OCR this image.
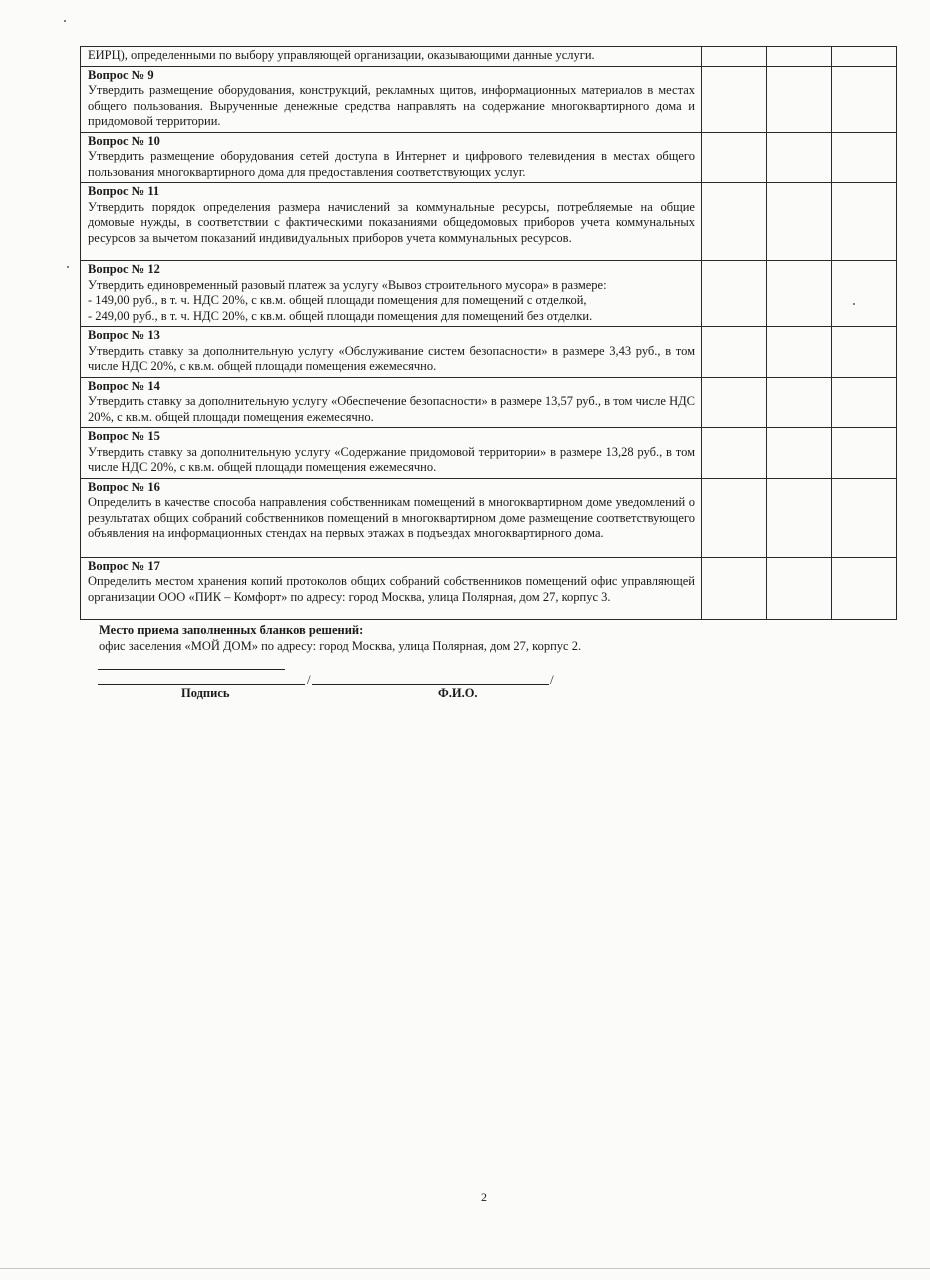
ЕИРЦ), определенными по выбору управляющей организации, оказывающими данные услуги.			

Вопрос № 9
Утвердить размещение оборудования, конструкций, рекламных щитов, информационных материалов в местах общего пользования. Вырученные денежные средства направлять на содержание многоквартирного дома и придомовой территории.			

Вопрос № 10
Утвердить размещение оборудования сетей доступа в Интернет и цифрового телевидения в местах общего пользования многоквартирного дома для предоставления соответствующих услуг.			

Вопрос № 11
Утвердить порядок определения размера начислений за коммунальные ресурсы, потребляемые на общие домовые нужды, в соответствии с фактическими показаниями общедомовых приборов учета коммунальных ресурсов за вычетом показаний индивидуальных приборов учета коммунальных ресурсов.			

Вопрос № 12
Утвердить единовременный разовый платеж за услугу «Вывоз строительного мусора» в размере:
- 149,00 руб., в т. ч. НДС 20%, с кв.м. общей площади помещения для помещений с отделкой,
- 249,00 руб., в т. ч. НДС 20%, с кв.м. общей площади помещения для помещений без отделки.			

Вопрос № 13
Утвердить ставку за дополнительную услугу «Обслуживание систем безопасности» в размере 3,43 руб., в том числе НДС 20%, с кв.м. общей площади помещения ежемесячно.			

Вопрос № 14
Утвердить ставку за дополнительную услугу «Обеспечение безопасности» в размере 13,57 руб., в том числе НДС 20%, с кв.м. общей площади помещения ежемесячно.			

Вопрос № 15
Утвердить ставку за дополнительную услугу «Содержание придомовой территории» в размере 13,28 руб., в том числе НДС 20%, с кв.м. общей площади помещения ежемесячно.			

Вопрос № 16
Определить в качестве способа направления собственникам помещений в многоквартирном доме уведомлений о результатах общих собраний собственников помещений в многоквартирном доме размещение соответствующего объявления на информационных стендах на первых этажах в подъездах многоквартирного дома.			

Вопрос № 17
Определить местом хранения копий протоколов общих собраний собственников помещений офис управляющей организации ООО «ПИК – Комфорт» по адресу: город Москва, улица Полярная, дом 27, корпус 3.			

Место приема заполненных бланков решений:
офис заселения «МОЙ ДОМ» по адресу: город Москва, улица Полярная, дом 27, корпус 2.
/	/
Подпись	Ф.И.О.
2
